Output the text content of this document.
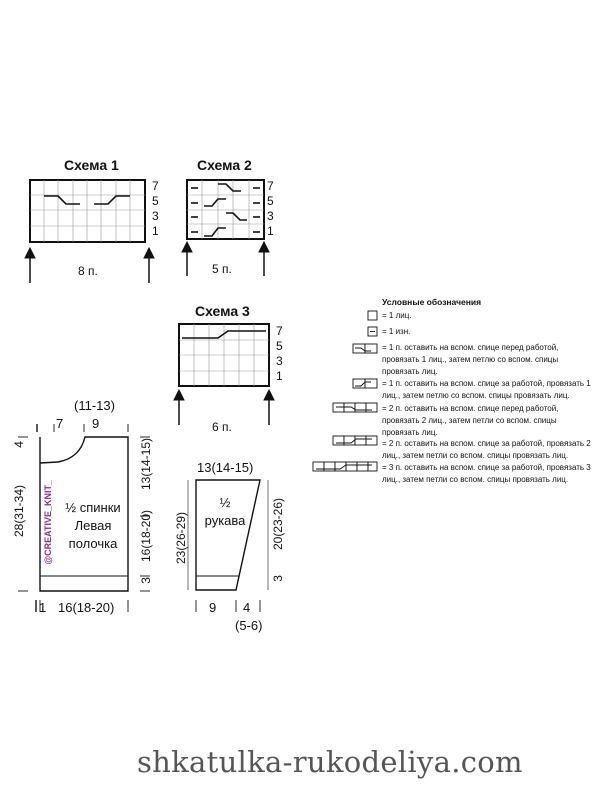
Схема 1
7
5
3
1
8 п.
Схема 2
7
5
3
1
5 п.
Схема 3
7
5
3
1
6 п.
Условные обозначения
= 1 лиц.
= 1 изн.
= 1 п. оставить на вспом. спице перед работой, провязать 1 лиц., затем петлю со вспом. спицы провязать лиц.
= 1 п. оставить на вспом. спице за работой, провязать 1 лиц., затем петлю со вспом. спицы провязать лиц.
= 2 п. оставить на вспом. спице перед работой, провязать 2 лиц., затем петли со вспом. спицы провязать лиц.
= 2 п. оставить на вспом. спице за работой, провязать 2 лиц., затем петли со вспом. спицы провязать лиц.
= 3 п. оставить на вспом. спице за работой, провязать 3 лиц., затем петли со вспом. спицы провязать лиц.
(11-13)
7 9
4
28(31-34) @CREATIVE_KNIT_ ½ спинки
Левая
полочка
13(14-15)
16(18-20)
3
1 16(18-20)
13(14-15)
23(26-29)	20(23-26)
3
½
рукава
9 4
(5-6)
shkatulka-rukodeliya.com
